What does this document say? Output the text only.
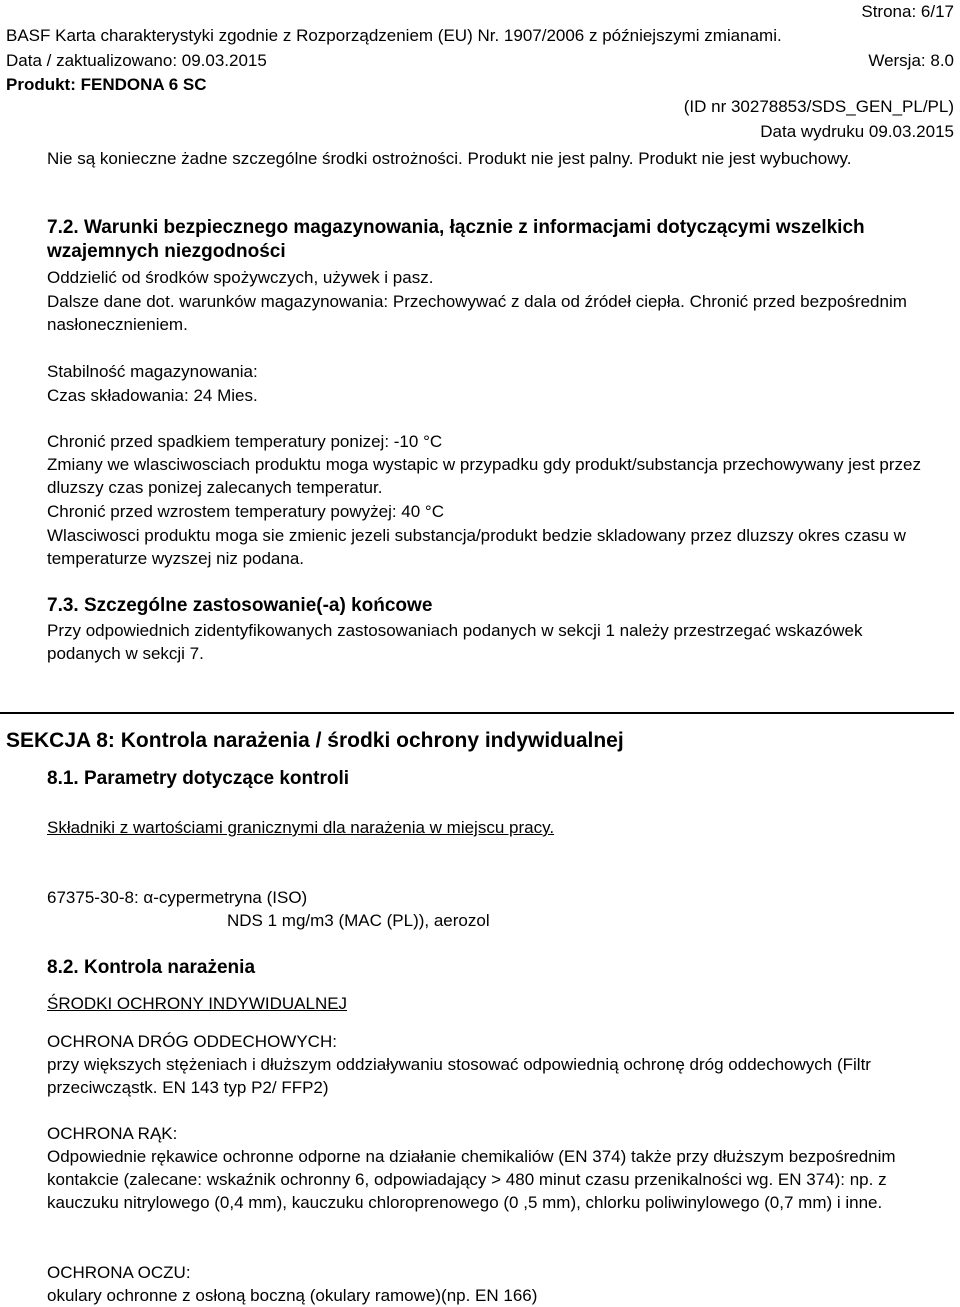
Strona: 6/17
BASF Karta charakterystyki zgodnie z Rozporządzeniem (EU) Nr. 1907/2006 z późniejszymi zmianami.
Data / zaktualizowano: 09.03.2015	Wersja: 8.0
Produkt: FENDONA 6 SC
(ID nr 30278853/SDS_GEN_PL/PL)
Data wydruku 09.03.2015
Nie są konieczne żadne szczególne środki ostrożności. Produkt nie jest palny. Produkt nie jest wybuchowy.
7.2. Warunki bezpiecznego magazynowania, łącznie z informacjami dotyczącymi wszelkich wzajemnych niezgodności
Oddzielić od środków spożywczych, używek i pasz.
Dalsze dane dot. warunków magazynowania: Przechowywać z dala od źródeł ciepła. Chronić przed bezpośrednim nasłonecznieniem.
Stabilność magazynowania:
Czas składowania: 24 Mies.
Chronić przed spadkiem temperatury ponizej: -10 °C
Zmiany we wlasciwosciach produktu moga wystapic w przypadku gdy produkt/substancja przechowywany jest przez dluzszy czas ponizej zalecanych temperatur.
Chronić przed wzrostem temperatury powyżej: 40 °C
Wlasciwosci produktu moga sie zmienic jezeli substancja/produkt bedzie skladowany przez dluzszy okres czasu w temperaturze wyzszej niz podana.
7.3. Szczególne zastosowanie(-a) końcowe
Przy odpowiednich zidentyfikowanych zastosowaniach podanych w sekcji 1 należy przestrzegać wskazówek podanych w sekcji 7.
SEKCJA 8: Kontrola narażenia / środki ochrony indywidualnej
8.1. Parametry dotyczące kontroli
Składniki z wartościami granicznymi dla narażenia w miejscu pracy.
67375-30-8: α-cypermetryna (ISO)
NDS 1 mg/m3 (MAC (PL)), aerozol
8.2. Kontrola narażenia
ŚRODKI OCHRONY INDYWIDUALNEJ
OCHRONA DRÓG ODDECHOWYCH:
przy większych stężeniach i dłuższym oddziaływaniu stosować odpowiednią ochronę dróg oddechowych (Filtr przeciwcząstk. EN 143 typ P2/ FFP2)
OCHRONA RĄK:
Odpowiednie rękawice ochronne odporne na działanie chemikaliów (EN 374) także przy dłuższym bezpośrednim kontakcie (zalecane: wskaźnik ochronny 6, odpowiadający > 480 minut czasu przenikalności wg. EN 374): np. z kauczuku nitrylowego (0,4 mm), kauczuku chloroprenowego (0 ,5 mm), chlorku poliwinylowego (0,7 mm) i inne.
OCHRONA OCZU:
okulary ochronne z osłoną boczną (okulary ramowe)(np. EN 166)
